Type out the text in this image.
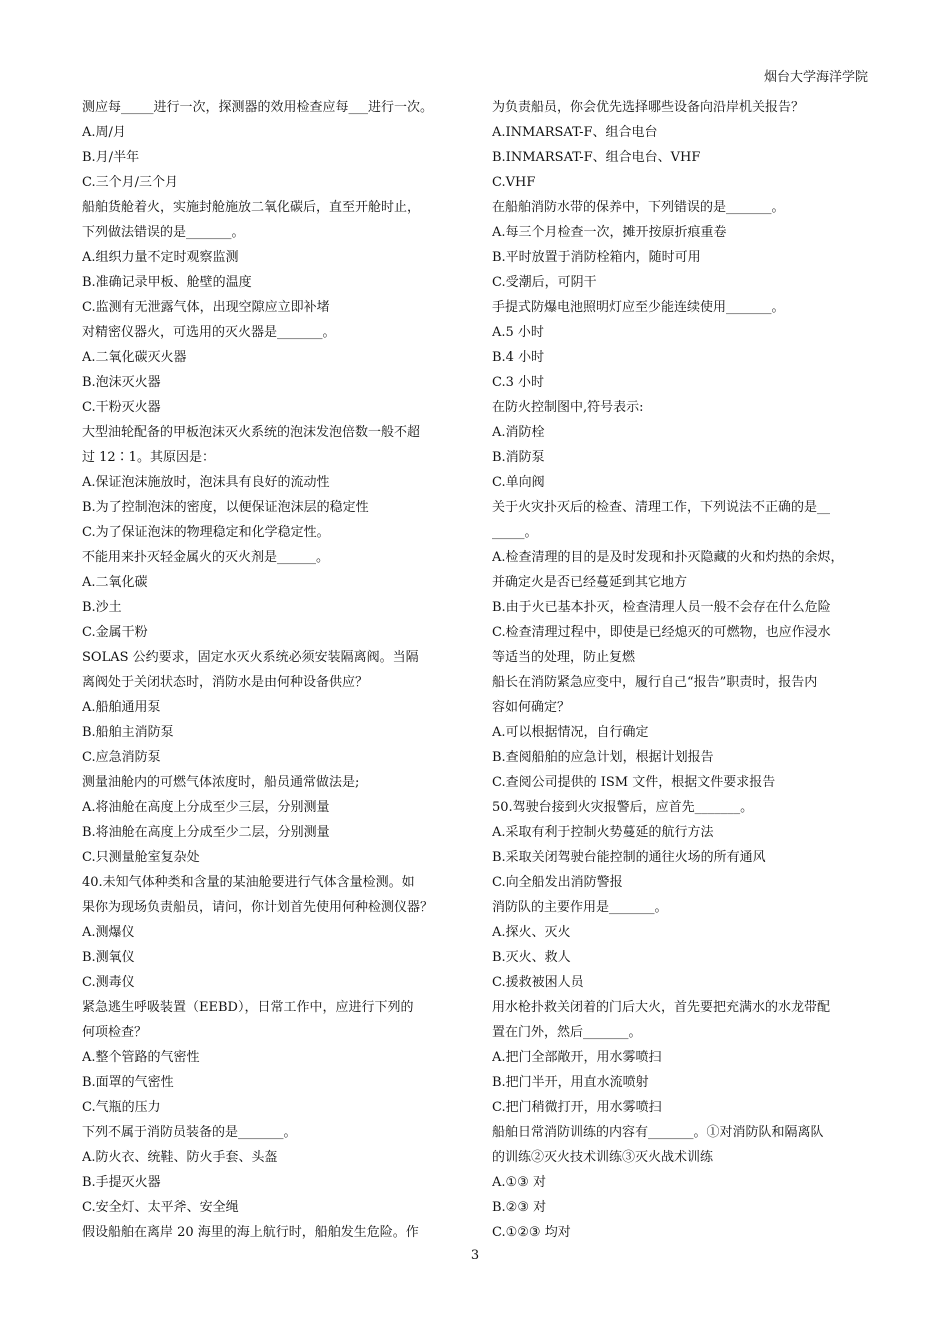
烟台大学海洋学院
测应每_____进行一次，探测器的效用检查应每___进行一次。
A.周/月
B.月/半年
C.三个月/三个月
船舶货舱着火，实施封舱施放二氧化碳后，直至开舱时止，
下列做法错误的是_______。
A.组织力量不定时观察监测
B.准确记录甲板、舱壁的温度
C.监测有无泄露气体，出现空隙应立即补堵
对精密仪器火，可选用的灭火器是_______。
A.二氧化碳灭火器
B.泡沫灭火器
C.干粉灭火器
大型油轮配备的甲板泡沫灭火系统的泡沫发泡倍数一般不超
过 12∶1。其原因是：
A.保证泡沫施放时，泡沫具有良好的流动性
B.为了控制泡沫的密度，以便保证泡沫层的稳定性
C.为了保证泡沫的物理稳定和化学稳定性。
不能用来扑灭轻金属火的灭火剂是______。
A.二氧化碳
B.沙土
C.金属干粉
SOLAS 公约要求，固定水灭火系统必须安装隔离阀。当隔
离阀处于关闭状态时，消防水是由何种设备供应？
A.船舶通用泵
B.船舶主消防泵
C.应急消防泵
测量油舱内的可燃气体浓度时，船员通常做法是;
A.将油舱在高度上分成至少三层，分别测量
B.将油舱在高度上分成至少二层，分别测量
C.只测量舱室复杂处
40.未知气体种类和含量的某油舱要进行气体含量检测。如
果你为现场负责船员，请问，你计划首先使用何种检测仪器？
A.测爆仪
B.测氧仪
C.测毒仪
紧急逃生呼吸装置（EEBD），日常工作中，应进行下列的
何项检查？
A.整个管路的气密性
B.面罩的气密性
C.气瓶的压力
下列不属于消防员装备的是_______。
A.防火衣、统鞋、防火手套、头盔
B.手提灭火器
C.安全灯、太平斧、安全绳
假设船舶在离岸 20 海里的海上航行时，船舶发生危险。作
为负责船员，你会优先选择哪些设备向沿岸机关报告？
A.INMARSAT-F、组合电台
B.INMARSAT-F、组合电台、VHF
C.VHF
在船舶消防水带的保养中，下列错误的是_______。
A.每三个月检查一次，摊开按原折痕重卷
B.平时放置于消防栓箱内，随时可用
C.受潮后，可阴干
手提式防爆电池照明灯应至少能连续使用_______。
A.5 小时
B.4 小时
C.3 小时
在防火控制图中,符号表示:
A.消防栓
B.消防泵
C.单向阀
关于火灾扑灭后的检查、清理工作，下列说法不正确的是__
_____。
A.检查清理的目的是及时发现和扑灭隐藏的火和灼热的余烬，
并确定火是否已经蔓延到其它地方
B.由于火已基本扑灭，检查清理人员一般不会存在什么危险
C.检查清理过程中，即使是已经熄灭的可燃物，也应作浸水
等适当的处理，防止复燃
船长在消防紧急应变中，履行自己“报告”职责时，报告内
容如何确定？
A.可以根据情况，自行确定
B.查阅船舶的应急计划，根据计划报告
C.查阅公司提供的 ISM 文件，根据文件要求报告
50.驾驶台接到火灾报警后，应首先_______。
A.采取有利于控制火势蔓延的航行方法
B.采取关闭驾驶台能控制的通往火场的所有通风
C.向全船发出消防警报
消防队的主要作用是_______。
A.探火、灭火
B.灭火、救人
C.援救被困人员
用水枪扑救关闭着的门后大火，首先要把充满水的水龙带配
置在门外，然后_______。
A.把门全部敞开，用水雾喷扫
B.把门半开，用直水流喷射
C.把门稍微打开，用水雾喷扫
船舶日常消防训练的内容有_______。①对消防队和隔离队
的训练②灭火技术训练③灭火战术训练
A.①③ 对
B.②③ 对
C.①②③ 均对
3
